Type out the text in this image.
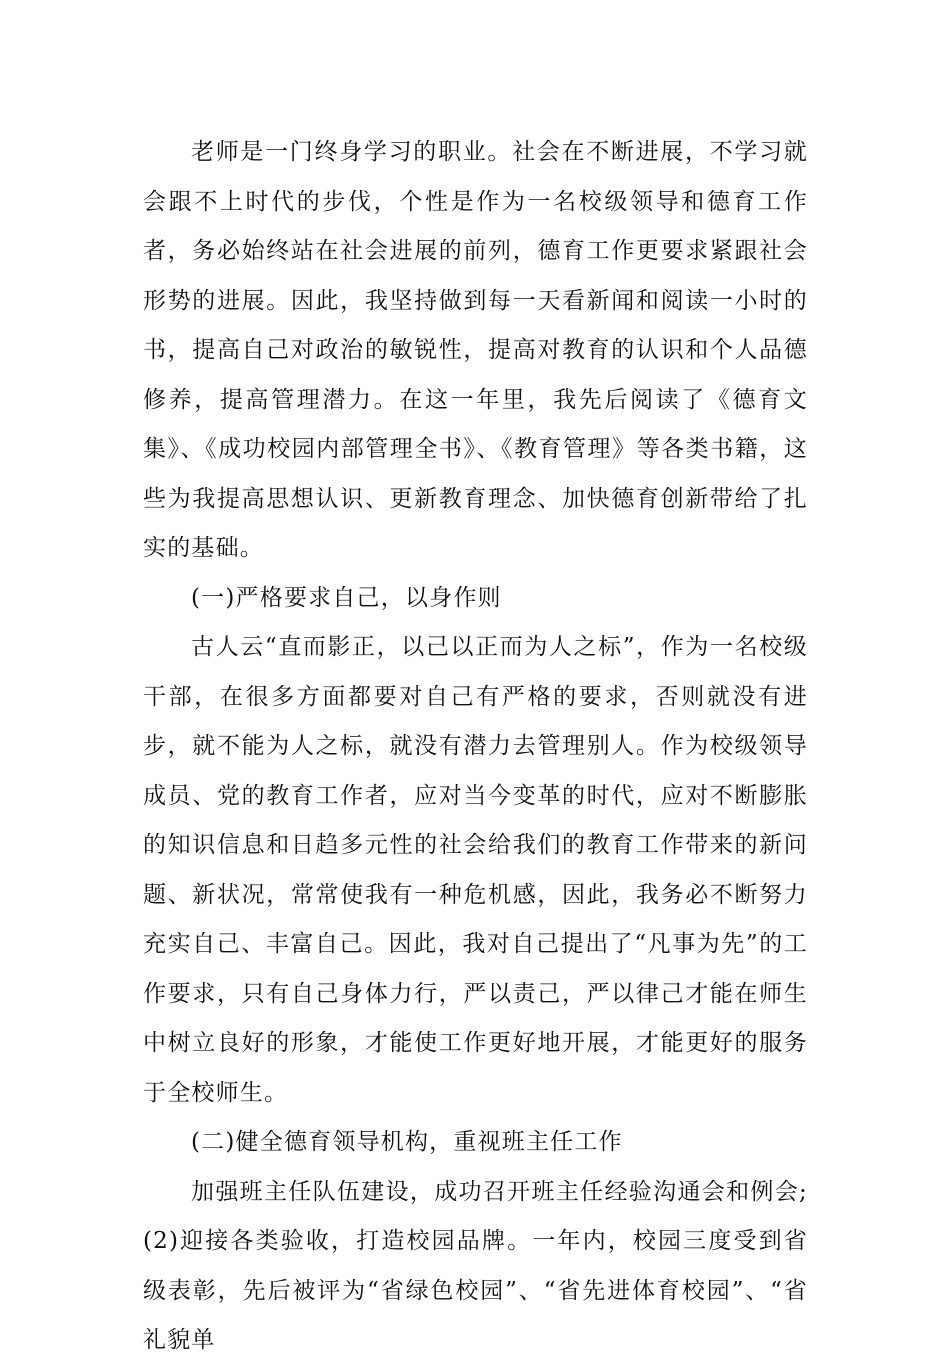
老师是一门终身学习的职业。社会在不断进展，不学习就会跟不上时代的步伐，个性是作为一名校级领导和德育工作者，务必始终站在社会进展的前列，德育工作更要求紧跟社会形势的进展。因此，我坚持做到每一天看新闻和阅读一小时的书，提高自己对政治的敏锐性，提高对教育的认识和个人品德修养，提高管理潜力。在这一年里，我先后阅读了《德育文集》、《成功校园内部管理全书》、《教育管理》等各类书籍，这些为我提高思想认识、更新教育理念、加快德育创新带给了扎实的基础。

(一)严格要求自己，以身作则

古人云“直而影正，以己以正而为人之标”，作为一名校级干部，在很多方面都要对自己有严格的要求，否则就没有进步，就不能为人之标，就没有潜力去管理别人。作为校级领导成员、党的教育工作者，应对当今变革的时代，应对不断膨胀的知识信息和日趋多元性的社会给我们的教育工作带来的新问题、新状况，常常使我有一种危机感，因此，我务必不断努力充实自己、丰富自己。因此，我对自己提出了“凡事为先”的工作要求，只有自己身体力行，严以责己，严以律己才能在师生中树立良好的形象，才能使工作更好地开展，才能更好的服务于全校师生。

(二)健全德育领导机构，重视班主任工作

加强班主任队伍建设，成功召开班主任经验沟通会和例会;(2)迎接各类验收，打造校园品牌。一年内，校园三度受到省级表彰，先后被评为“省绿色校园”、“省先进体育校园”、“省礼貌单
